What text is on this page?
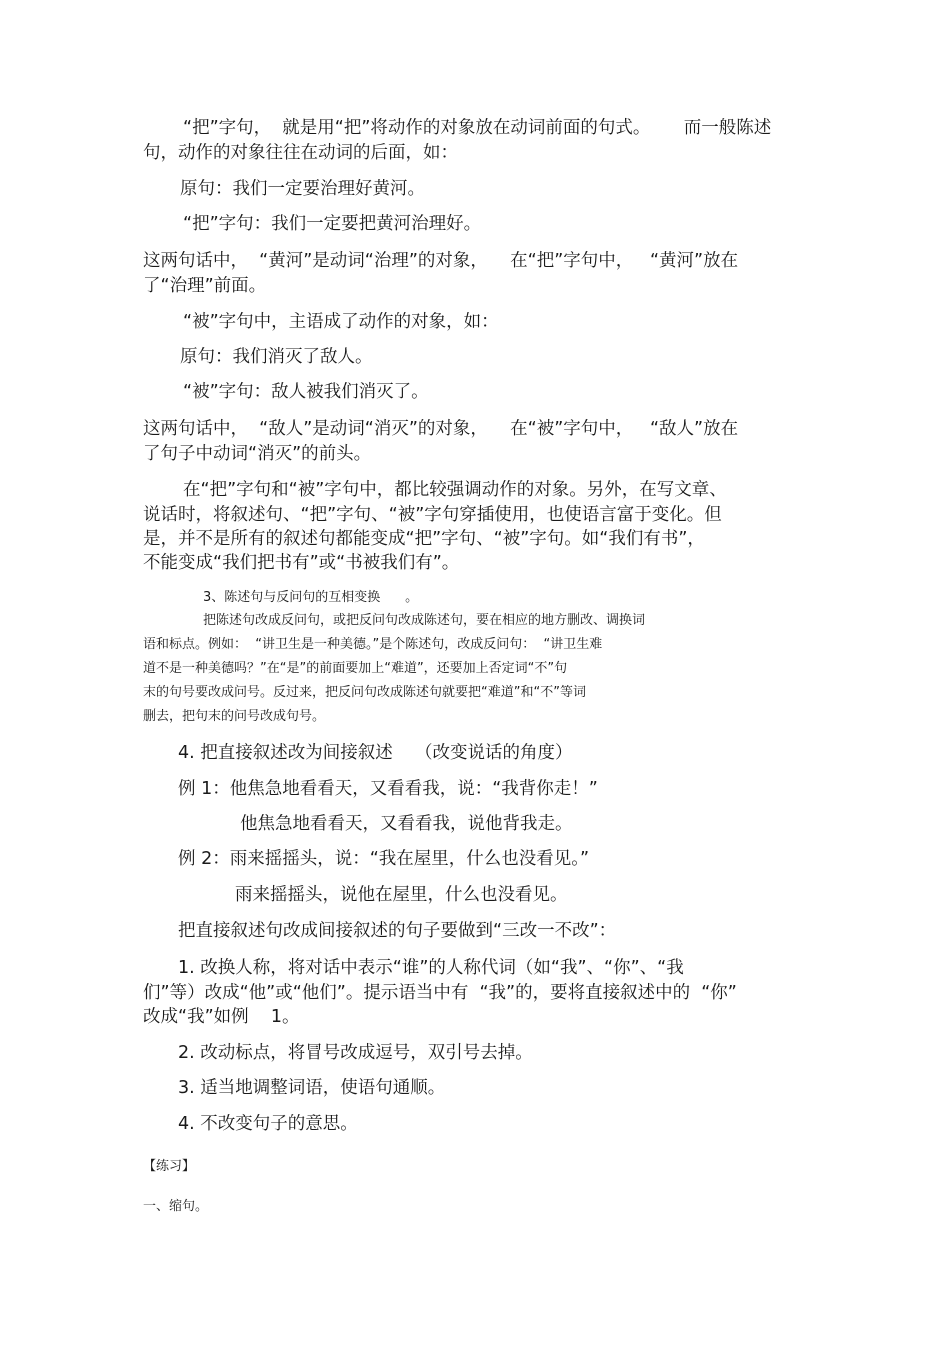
“把”字句，  就是用“把”将动作的对象放在动词前面的句式。      而一般陈述

句，动作的对象往往在动词的后面，如：

原句：我们一定要治理好黄河。

“把”字句：我们一定要把黄河治理好。

这两句话中，  “黄河”是动词“治理”的对象，    在“把”字句中，   “黄河”放在

了“治理”前面。

“被”字句中，主语成了动作的对象，如：

原句：我们消灭了敌人。

“被”字句：敌人被我们消灭了。

这两句话中，  “敌人”是动词“消灭”的对象，    在“被”字句中，   “敌人”放在

了句子中动词“消灭”的前头。

在“把”字句和“被”字句中，都比较强调动作的对象。另外，在写文章、

说话时，将叙述句、“把”字句、“被”字句穿插使用，也使语言富于变化。但

是，并不是所有的叙述句都能变成“把”字句、“被”字句。如“我们有书”，

不能变成“我们把书有”或“书被我们有”。

3、陈述句与反问句的互相变换      。

把陈述句改成反问句，或把反问句改成陈述句，要在相应的地方删改、调换词

语和标点。例如：  “讲卫生是一种美德。”是个陈述句，改成反问句：  “讲卫生难

道不是一种美德吗？”在“是”的前面要加上“难道”，还要加上否定词“不”句

末的句号要改成问号。反过来，把反问句改成陈述句就要把“难道”和“不”等词

删去，把句末的问号改成句号。

4. 把直接叙述改为间接叙述    （改变说话的角度）

例 1：他焦急地看看天，又看看我，说：“我背你走！”

他焦急地看看天，又看看我，说他背我走。

例 2：雨来摇摇头，说：“我在屋里，什么也没看见。”

雨来摇摇头，说他在屋里，什么也没看见。

把直接叙述句改成间接叙述的句子要做到“三改一不改”：

1. 改换人称，将对话中表示“谁”的人称代词（如“我”、“你”、“我

们”等）改成“他”或“他们”。提示语当中有  “我”的，要将直接叙述中的  “你”

改成“我”如例    1。

2. 改动标点，将冒号改成逗号，双引号去掉。

3. 适当地调整词语，使语句通顺。

4. 不改变句子的意思。

【练习】

一、缩句。
